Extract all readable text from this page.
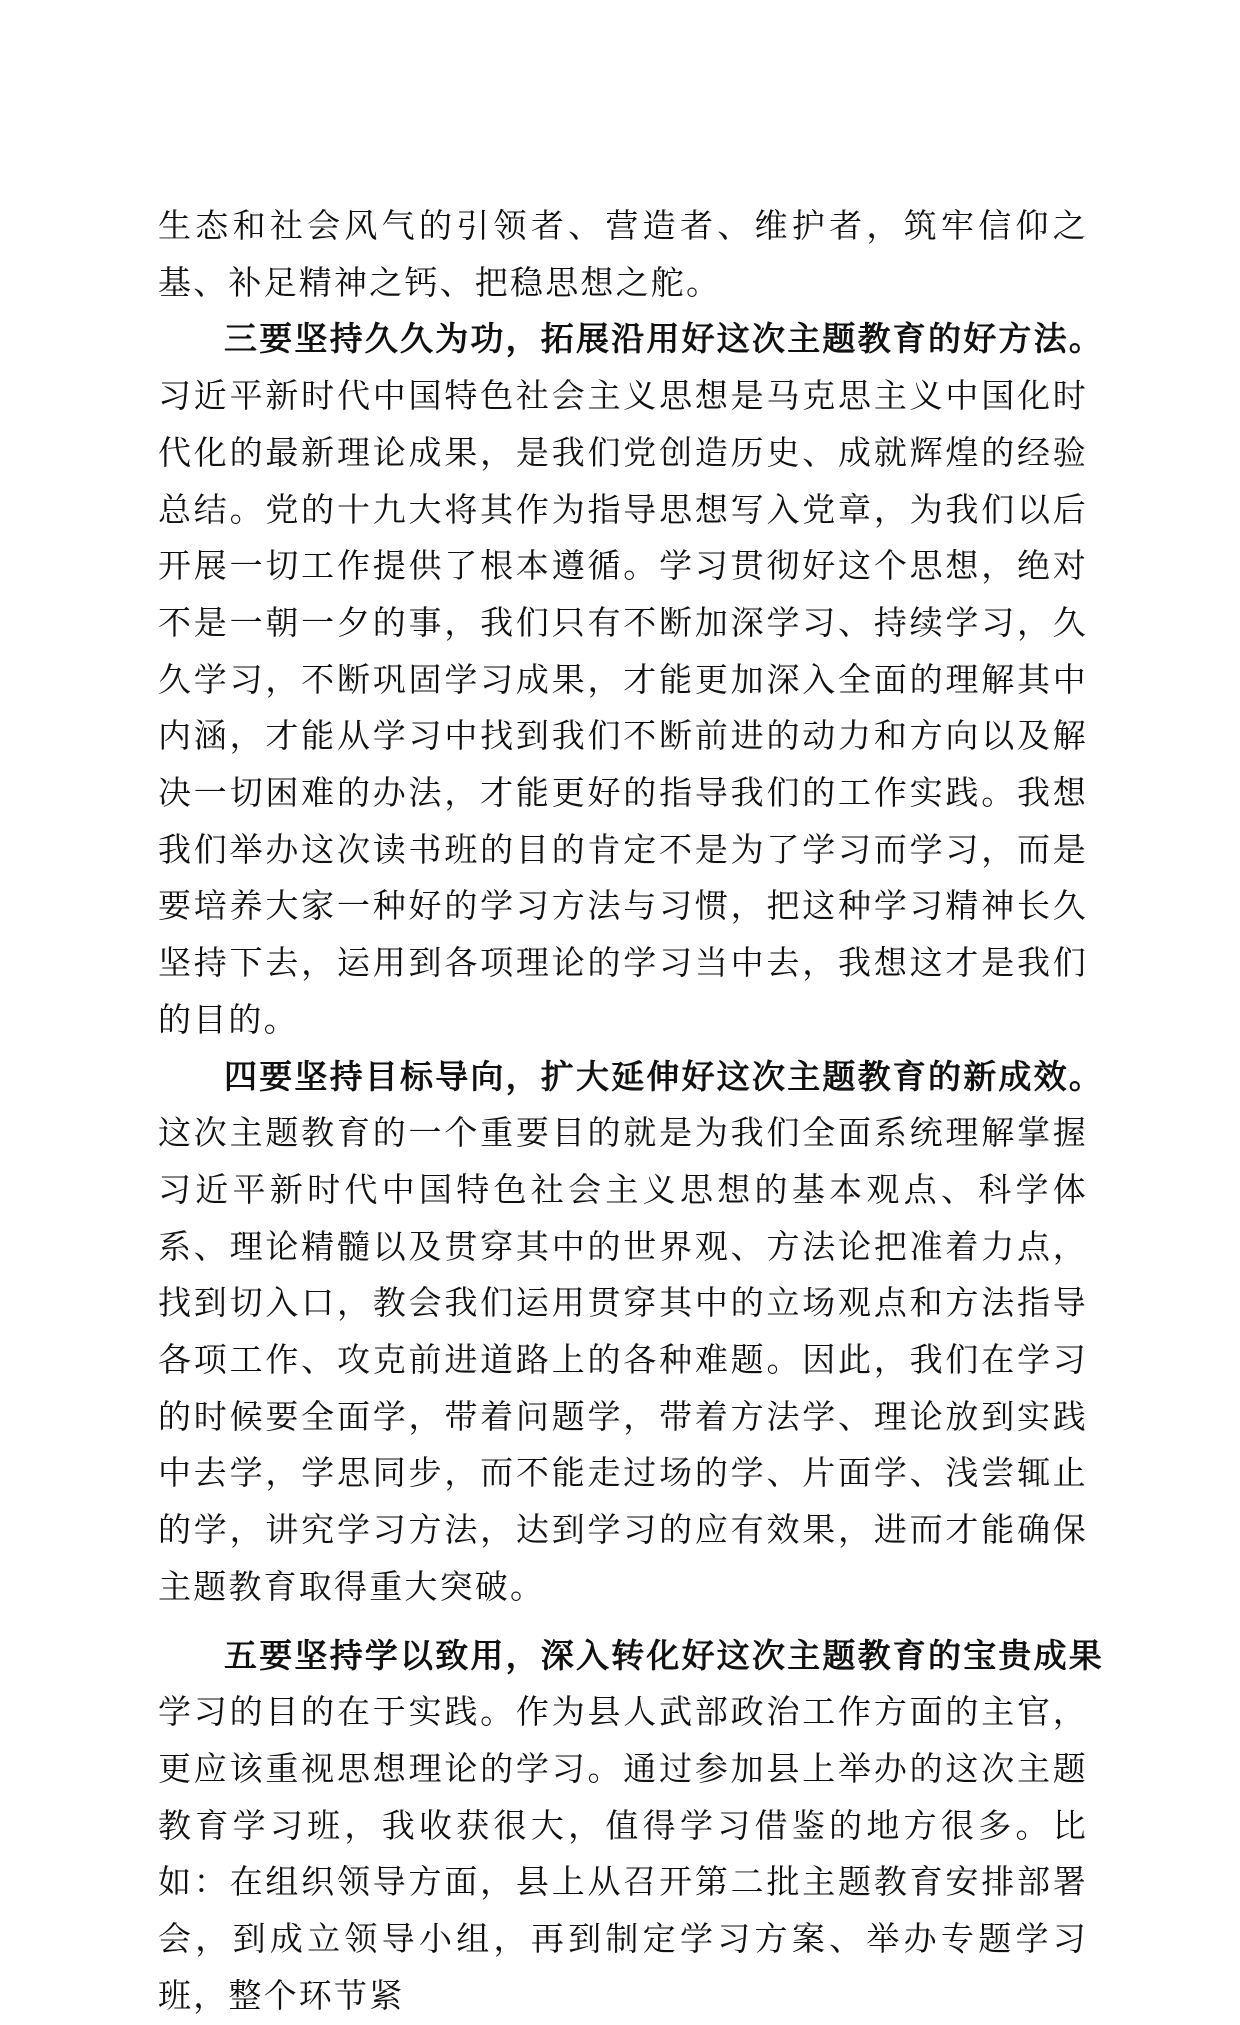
生态和社会风气的引领者、营造者、维护者，筑牢信仰之基、补足精神之钙、把稳思想之舵。

三要坚持久久为功，拓展沿用好这次主题教育的好方法。

习近平新时代中国特色社会主义思想是马克思主义中国化时代化的最新理论成果，是我们党创造历史、成就辉煌的经验总结。党的十九大将其作为指导思想写入党章，为我们以后开展一切工作提供了根本遵循。学习贯彻好这个思想，绝对不是一朝一夕的事，我们只有不断加深学习、持续学习，久久学习，不断巩固学习成果，才能更加深入全面的理解其中内涵，才能从学习中找到我们不断前进的动力和方向以及解决一切困难的办法，才能更好的指导我们的工作实践。我想我们举办这次读书班的目的肯定不是为了学习而学习，而是要培养大家一种好的学习方法与习惯，把这种学习精神长久坚持下去，运用到各项理论的学习当中去，我想这才是我们的目的。

四要坚持目标导向，扩大延伸好这次主题教育的新成效。

这次主题教育的一个重要目的就是为我们全面系统理解掌握习近平新时代中国特色社会主义思想的基本观点、科学体系、理论精髓以及贯穿其中的世界观、方法论把准着力点，找到切入口，教会我们运用贯穿其中的立场观点和方法指导各项工作、攻克前进道路上的各种难题。因此，我们在学习的时候要全面学，带着问题学，带着方法学、理论放到实践中去学，学思同步，而不能走过场的学、片面学、浅尝辄止的学，讲究学习方法，达到学习的应有效果，进而才能确保主题教育取得重大突破。

五要坚持学以致用，深入转化好这次主题教育的宝贵成果

学习的目的在于实践。作为县人武部政治工作方面的主官，更应该重视思想理论的学习。通过参加县上举办的这次主题教育学习班，我收获很大，值得学习借鉴的地方很多。比如：在组织领导方面，县上从召开第二批主题教育安排部署会，到成立领导小组，再到制定学习方案、举办专题学习班，整个环节紧
